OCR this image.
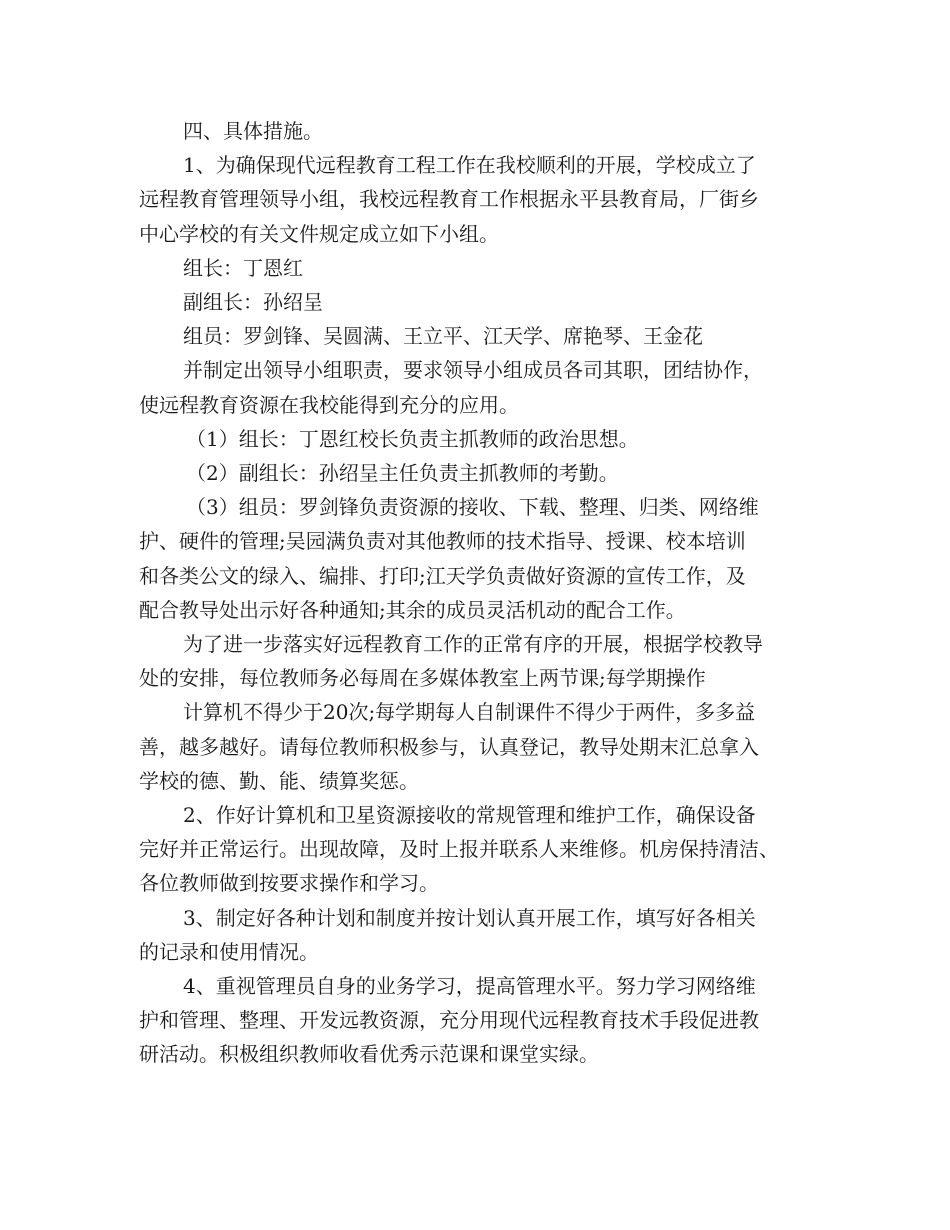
四、具体措施。

1、为确保现代远程教育工程工作在我校顺利的开展，学校成立了

远程教育管理领导小组，我校远程教育工作根据永平县教育局，厂街乡

中心学校的有关文件规定成立如下小组。

组长：丁恩红

副组长：孙绍呈

组员：罗剑锋、吴圆满、王立平、江天学、席艳琴、王金花

并制定出领导小组职责，要求领导小组成员各司其职，团结协作，

使远程教育资源在我校能得到充分的应用。

（1）组长：丁恩红校长负责主抓教师的政治思想。

（2）副组长：孙绍呈主任负责主抓教师的考勤。

（3）组员：罗剑锋负责资源的接收、下载、整理、归类、网络维

护、硬件的管理;吴园满负责对其他教师的技术指导、授课、校本培训

和各类公文的绿入、编排、打印;江天学负责做好资源的宣传工作，及

配合教导处出示好各种通知;其余的成员灵活机动的配合工作。

为了进一步落实好远程教育工作的正常有序的开展，根据学校教导

处的安排，每位教师务必每周在多媒体教室上两节课;每学期操作

计算机不得少于20次;每学期每人自制课件不得少于两件，多多益

善，越多越好。请每位教师积极参与，认真登记，教导处期末汇总拿入

学校的德、勤、能、绩算奖惩。

2、作好计算机和卫星资源接收的常规管理和维护工作，确保设备

完好并正常运行。出现故障，及时上报并联系人来维修。机房保持清洁、

各位教师做到按要求操作和学习。

3、制定好各种计划和制度并按计划认真开展工作，填写好各相关

的记录和使用情况。

4、重视管理员自身的业务学习，提高管理水平。努力学习网络维

护和管理、整理、开发远教资源，充分用现代远程教育技术手段促进教

研活动。积极组织教师收看优秀示范课和课堂实绿。
